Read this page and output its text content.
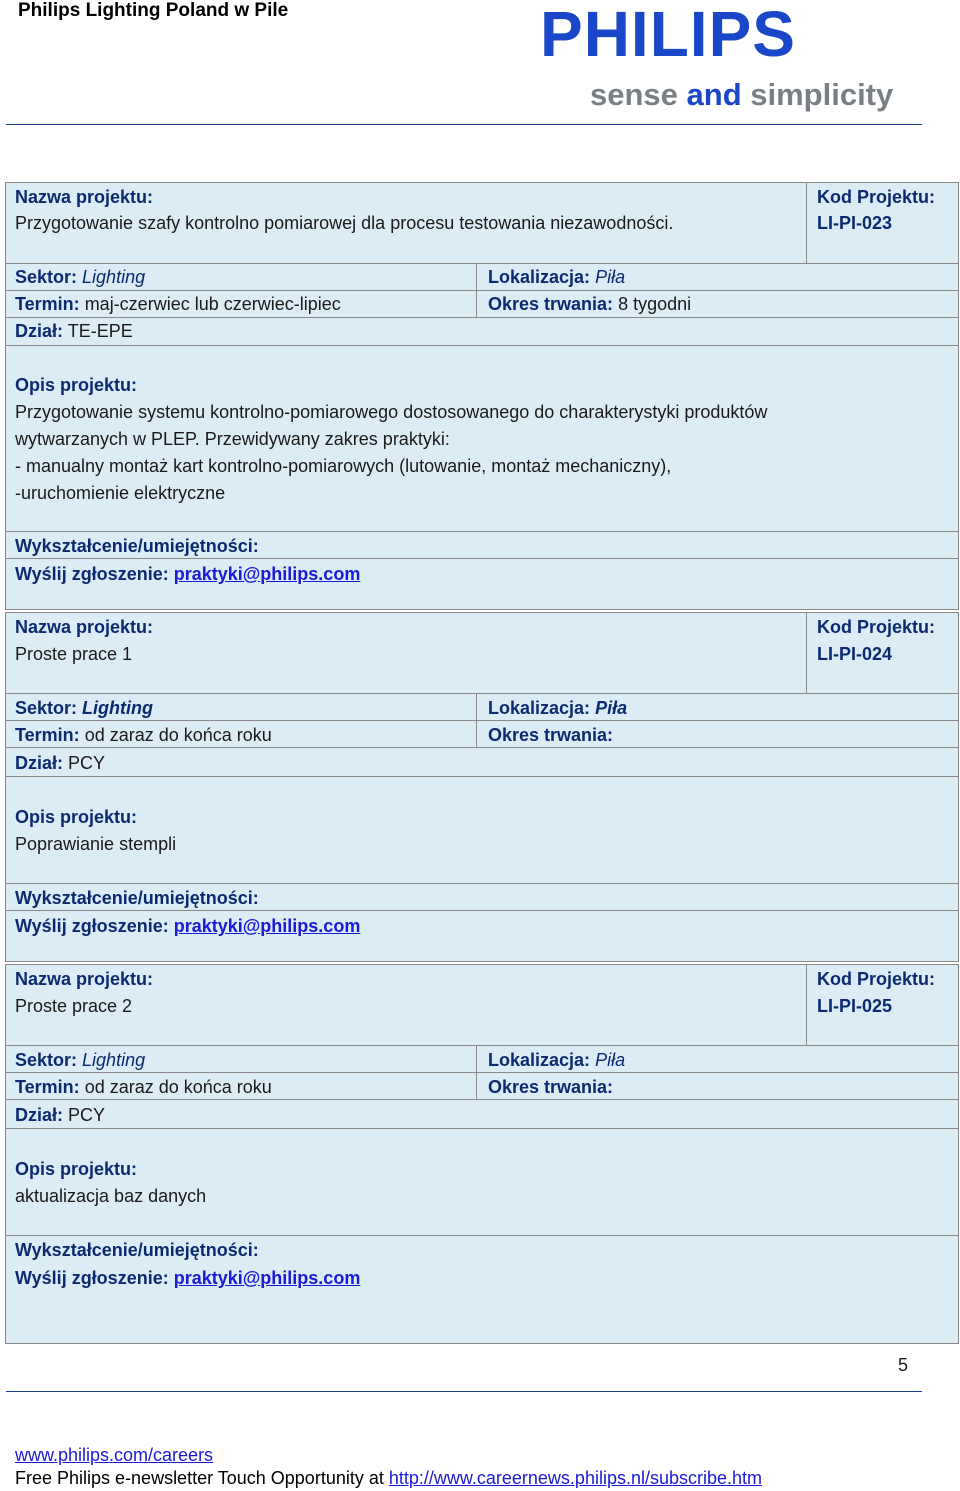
Philips Lighting Poland w Pile	PHILIPS
sense and simplicity
Nazwa projektu:
Przygotowanie szafy kontrolno pomiarowej dla procesu testowania niezawodności.
Kod Projektu:
LI-PI-023
Sektor: Lighting
Termin: maj-czerwiec lub czerwiec-lipiec
Dział: TE-EPE
Lokalizacja: Piła
Okres trwania: 8 tygodni
Opis projektu:
Przygotowanie systemu kontrolno-pomiarowego dostosowanego do charakterystyki produktów
wytwarzanych w PLEP. Przewidywany zakres praktyki:
- manualny montaż kart kontrolno-pomiarowych (lutowanie, montaż mechaniczny),
-uruchomienie elektryczne
Wykształcenie/umiejętności:
Wyślij zgłoszenie: praktyki@philips.com
Nazwa projektu:
Proste prace 1
Kod Projektu:
LI-PI-024
Sektor: Lighting
Termin: od zaraz do końca roku
Dział: PCY
Lokalizacja: Piła
Okres trwania:
Opis projektu:
Poprawianie stempli
Wykształcenie/umiejętności:
Wyślij zgłoszenie: praktyki@philips.com
Nazwa projektu:
Proste prace 2
Kod Projektu:
LI-PI-025
Sektor: Lighting
Termin: od zaraz do końca roku
Dział: PCY
Lokalizacja: Piła
Okres trwania:
Opis projektu:
aktualizacja baz danych
Wykształcenie/umiejętności:
Wyślij zgłoszenie: praktyki@philips.com
5
www.philips.com/careers
Free Philips e-newsletter Touch Opportunity at http://www.careernews.philips.nl/subscribe.htm
